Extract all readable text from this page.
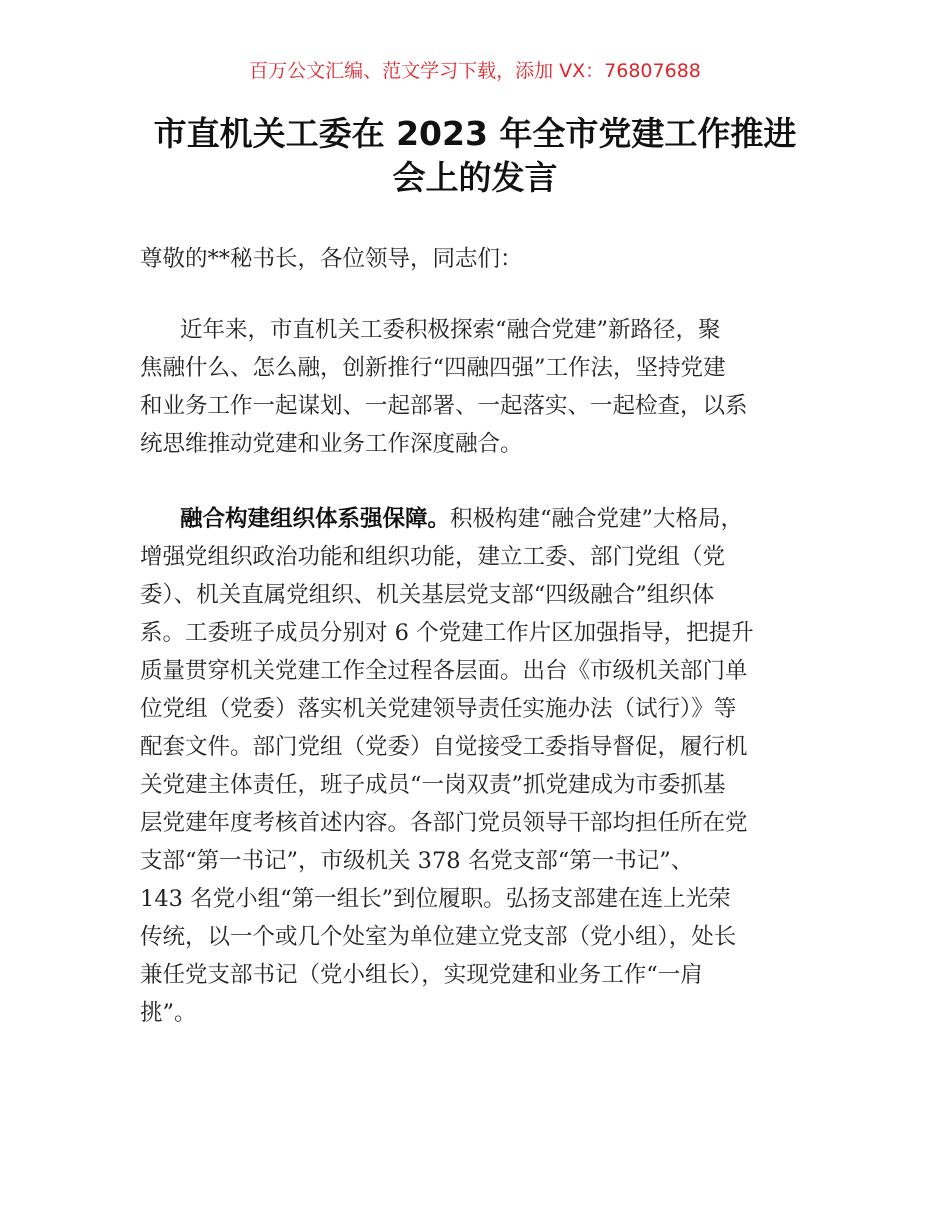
百万公文汇编、范文学习下载，添加 VX：76807688
市直机关工委在 2023 年全市党建工作推进
会上的发言
尊敬的**秘书长，各位领导，同志们：
近年来，市直机关工委积极探索“融合党建”新路径，聚
焦融什么、怎么融，创新推行“四融四强”工作法，坚持党建
和业务工作一起谋划、一起部署、一起落实、一起检查，以系
统思维推动党建和业务工作深度融合。
融合构建组织体系强保障。积极构建“融合党建”大格局，
增强党组织政治功能和组织功能，建立工委、部门党组（党
委）、机关直属党组织、机关基层党支部“四级融合”组织体
系。工委班子成员分别对 6 个党建工作片区加强指导，把提升
质量贯穿机关党建工作全过程各层面。出台《市级机关部门单
位党组（党委）落实机关党建领导责任实施办法（试行）》等
配套文件。部门党组（党委）自觉接受工委指导督促，履行机
关党建主体责任，班子成员“一岗双责”抓党建成为市委抓基
层党建年度考核首述内容。各部门党员领导干部均担任所在党
支部“第一书记”，市级机关 378 名党支部“第一书记”、
143 名党小组“第一组长”到位履职。弘扬支部建在连上光荣
传统，以一个或几个处室为单位建立党支部（党小组），处长
兼任党支部书记（党小组长），实现党建和业务工作“一肩
挑”。
